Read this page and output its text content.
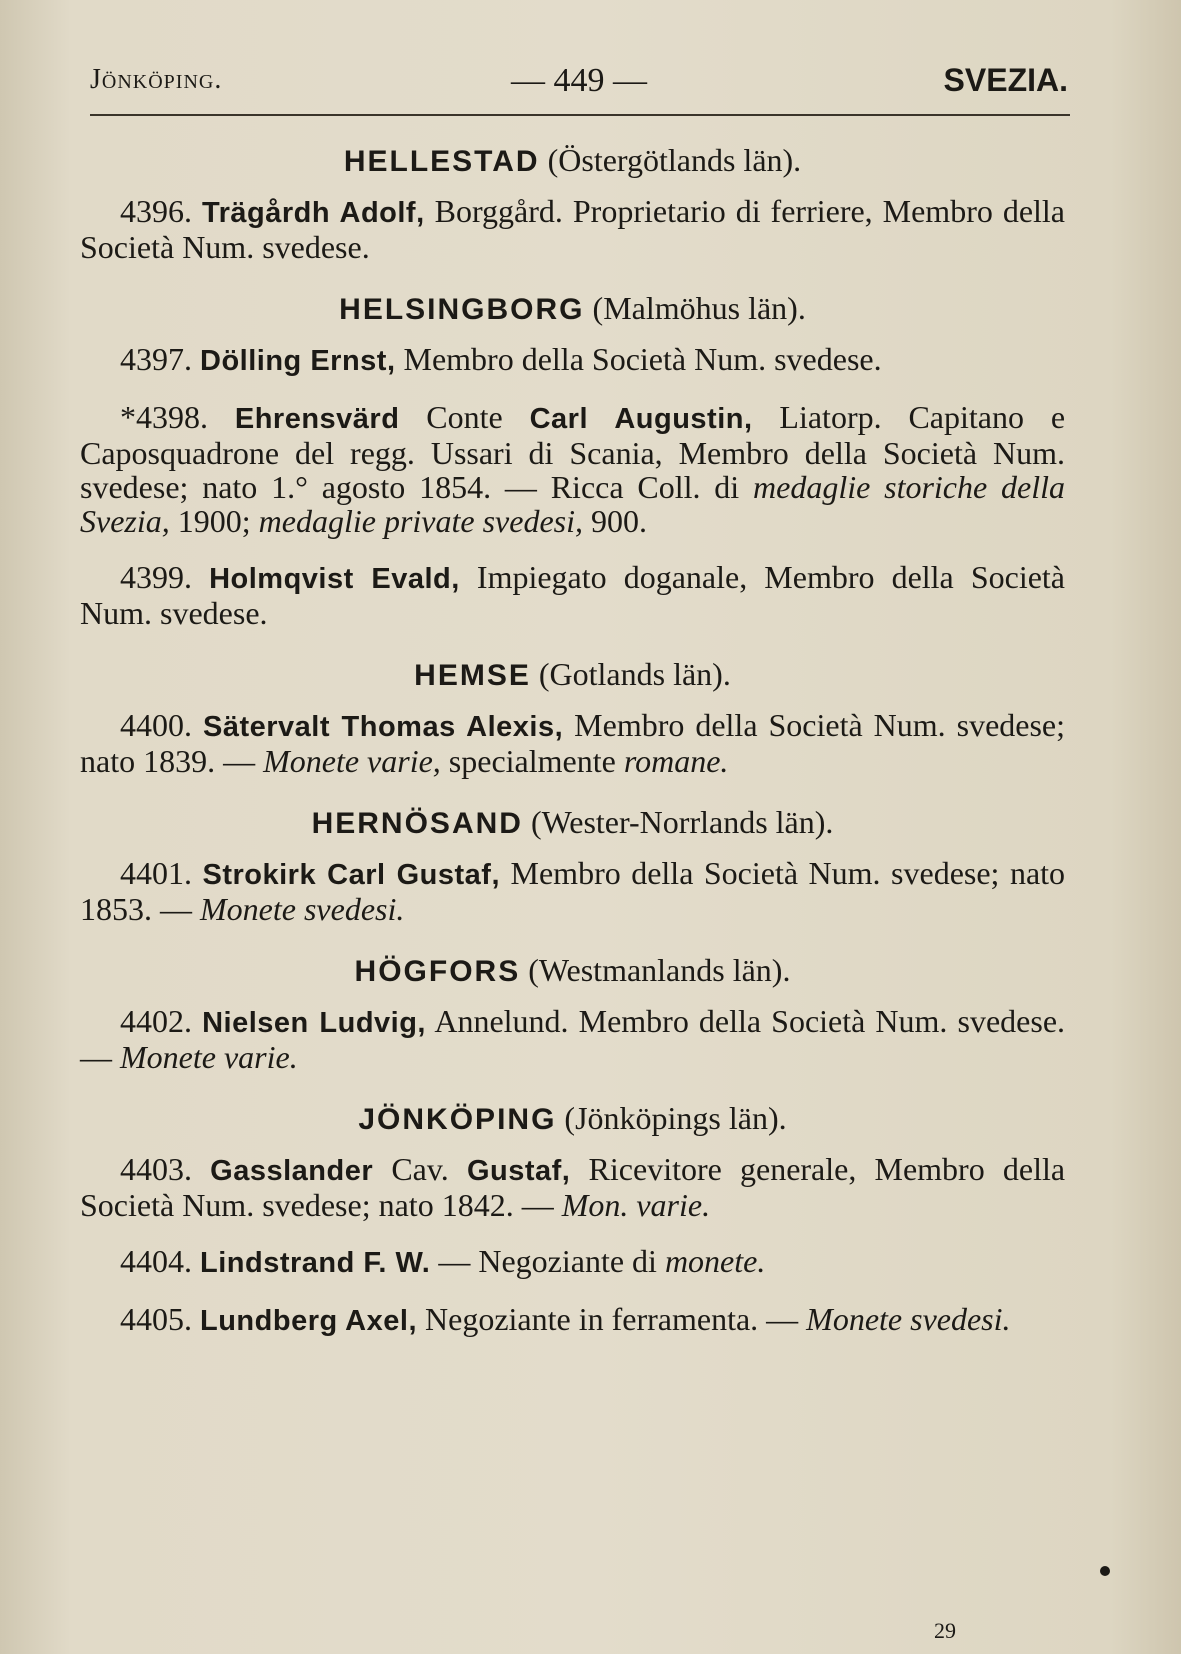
Jönköping.	— 449 —	SVEZIA.

HELLESTAD (Östergötlands län).

4396. Trägårdh Adolf, Borggård. Proprietario di ferriere, Membro della Società Num. svedese.

HELSINGBORG (Malmöhus län).

4397. Dölling Ernst, Membro della Società Num. svedese.

*4398. Ehrensvärd Conte Carl Augustin, Liatorp. Capitano e Caposquadrone del regg. Ussari di Scania, Membro della Società Num. svedese; nato 1.° agosto 1854. — Ricca Coll. di medaglie storiche della Svezia, 1900; medaglie private svedesi, 900.

4399. Holmqvist Evald, Impiegato doganale, Membro della Società Num. svedese.

HEMSE (Gotlands län).

4400. Sätervalt Thomas Alexis, Membro della Società Num. svedese; nato 1839. — Monete varie, specialmente romane.

HERNÖSAND (Wester-Norrlands län).

4401. Strokirk Carl Gustaf, Membro della Società Num. svedese; nato 1853. — Monete svedesi.

HÖGFORS (Westmanlands län).

4402. Nielsen Ludvig, Annelund. Membro della Società Num. svedese. — Monete varie.

JÖNKÖPING (Jönköpings län).

4403. Gasslander Cav. Gustaf, Ricevitore generale, Membro della Società Num. svedese; nato 1842. — Mon. varie.

4404. Lindstrand F. W. — Negoziante di monete.

4405. Lundberg Axel, Negoziante in ferramenta. — Monete svedesi.

29
